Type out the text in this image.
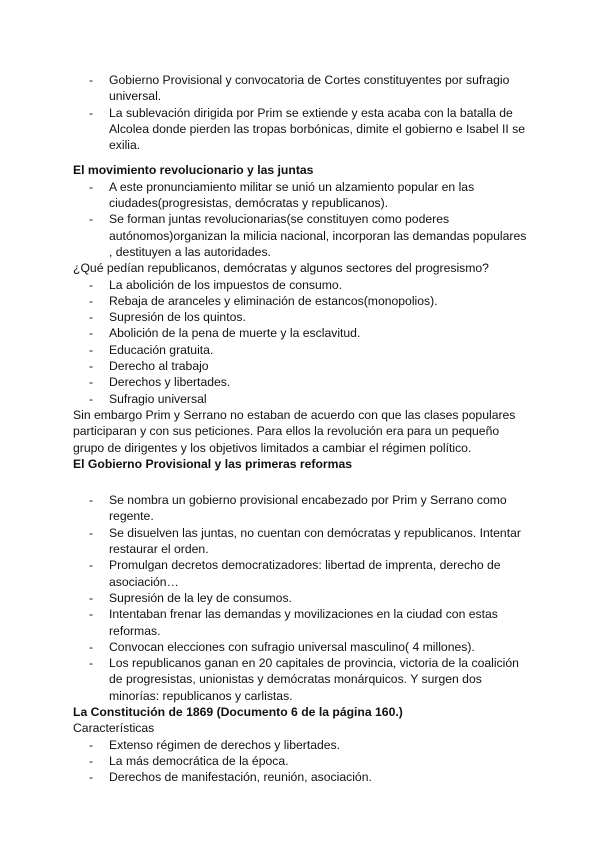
- Gobierno Provisional y convocatoria de Cortes constituyentes por sufragio universal.
- La sublevación dirigida por Prim se extiende y esta acaba con la batalla de Alcolea donde pierden las tropas borbónicas, dimite el gobierno e Isabel II se exilia.
El movimiento revolucionario y las juntas
- A este pronunciamiento militar se unió un alzamiento popular en las ciudades(progresistas, demócratas y republicanos).
- Se forman juntas revolucionarias(se constituyen como poderes autónomos)organizan la milicia nacional, incorporan las demandas populares , destituyen a las autoridades.

¿Qué pedían republicanos, demócratas y algunos sectores del progresismo?

- La abolición de los impuestos de consumo.
- Rebaja de aranceles y eliminación de estancos(monopolios).
- Supresión de los quintos.
- Abolición de la pena de muerte y la esclavitud.
- Educación gratuita.
- Derecho al trabajo
- Derechos y libertades.
- Sufragio universal

Sin embargo Prim y Serrano no estaban de acuerdo con que las clases populares participaran y con sus peticiones. Para ellos la revolución era para un pequeño grupo de dirigentes y los objetivos limitados a cambiar el régimen político.

El Gobierno Provisional y las primeras reformas
- Se nombra un gobierno provisional encabezado por Prim y Serrano como regente.
- Se disuelven las juntas, no cuentan con demócratas y republicanos. Intentar restaurar el orden.
- Promulgan decretos democratizadores: libertad de imprenta, derecho de asociación…
- Supresión de la ley de consumos.
- Intentaban frenar las demandas y movilizaciones en la ciudad con estas reformas.
- Convocan elecciones con sufragio universal masculino( 4 millones).
- Los republicanos ganan en 20 capitales de provincia, victoria de la coalición de progresistas, unionistas y demócratas monárquicos. Y surgen dos minorías: republicanos y carlistas.
La Constitución de 1869 (Documento 6 de la página 160.)

Características

- Extenso régimen de derechos y libertades.
- La más democrática de la época.
- Derechos de manifestación, reunión, asociación.
